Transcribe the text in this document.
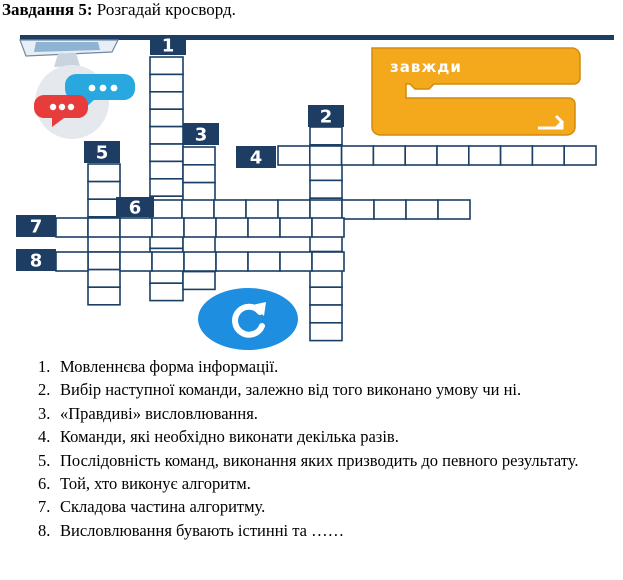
Завдання 5: Розгадай кросворд.
завжди
1
2
3
4
5
6
7
8
1. Мовленнєва форма інформації.
2. Вибір наступної команди, залежно від того виконано умову чи ні.
3. «Правдиві» висловлювання.
4. Команди, які необхідно виконати декілька разів.
5. Послідовність команд, виконання яких призводить до певного результату.
6. Той, хто виконує алгоритм.
7. Складова частина алгоритму.
8. Висловлювання бувають істинні та ……
